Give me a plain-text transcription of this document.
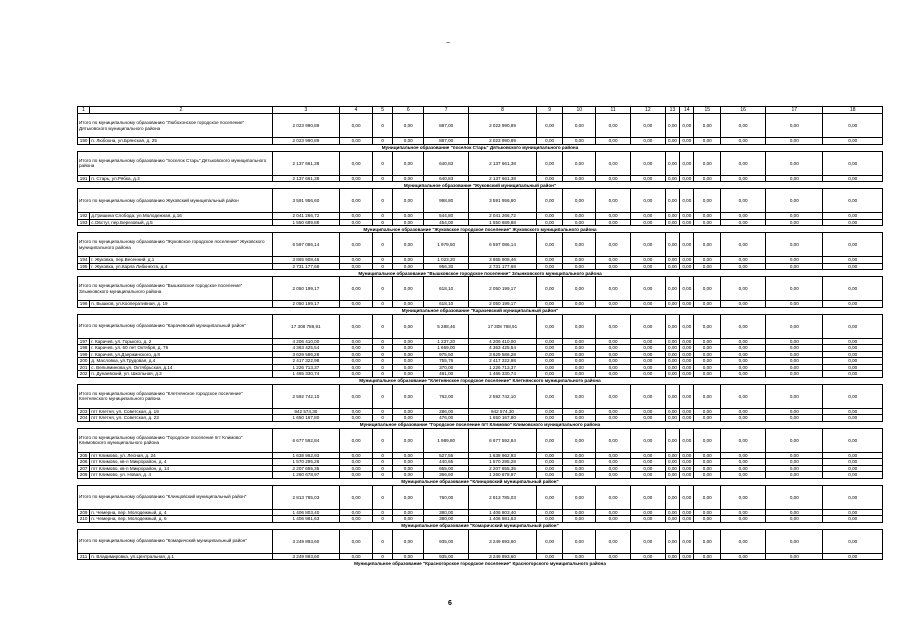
~
1	2	3	4	5	6	7	8	9	10	11	12	13	14	15	16	17	18
Итого по муниципальному образованию "Любохонское городское поселение" Дятьковского муниципального района		2 023 990,89	0,00	0	0,00	887,00	2 023 990,89	0,00	0,00	0,00	0,00	0,00	0,00	0,00	0,00	0,00	0,00
190	п. Любохна, ул.Брянская, д. 25	2 023 990,89	0,00	0	0,00	887,00	2 023 990,89	0,00	0,00	0,00	0,00	0,00	0,00	0,00	0,00	0,00	0,00
Муниципальное образование "поселок Старь" Дятьковского муниципального района																	
Итого по муниципальному образованию "поселок Старь" Дятьковского муниципального района		2 137 661,38	0,00	0	0,00	640,83	2 137 661,38	0,00	0,00	0,00	0,00	0,00	0,00	0,00	0,00	0,00	0,00
191	п. Старь, ул.Рябка, д.3	2 137 661,38	0,00	0	0,00	640,83	2 137 661,38	0,00	0,00	0,00	0,00	0,00	0,00	0,00	0,00	0,00	0,00
Муниципальное образование "Жуковский муниципальный район"																	
Итого по муниципальному образованию Жуковский муниципальный район		3 591 956,60	0,00	0	0,00	998,80	3 591 956,60	0,00	0,00	0,00	0,00	0,00	0,00	0,00	0,00	0,00	0,00
192	д.Гришина Слобода, ул.Молодежная, д.16	2 041 266,72	0,00	0	0,00	544,80	2 041 266,72	0,00	0,00	0,00	0,00	0,00	0,00	0,00	0,00	0,00	0,00
193	с.Овстуг, пер.Березовый, д.5	1 550 689,88	0,00	0	0,00	454,00	1 550 689,88	0,00	0,00	0,00	0,00	0,00	0,00	0,00	0,00	0,00	0,00
Муниципальное образование "Жуковское городское поселение" Жуковского муниципального района																	
Итого по муниципальному образованию "Жуковское городское поселение" Жуковского муниципального района		6 597 086,14	0,00	0	0,00	1 979,50	6 597 086,14	0,00	0,00	0,00	0,00	0,00	0,00	0,00	0,00	0,00	0,00
194	г. Жуковка, пер.Весенний, д.1	3 865 908,46	0,00	0	0,00	1 023,20	3 865 908,46	0,00	0,00	0,00	0,00	0,00	0,00	0,00	0,00	0,00	0,00
195	г. Жуковка, ул.Карла Либкнехта, д.4	2 731 177,68	0,00	0	0,00	956,30	2 731 177,68	0,00	0,00	0,00	0,00	0,00	0,00	0,00	0,00	0,00	0,00
Муниципальное образование "Вышковское городское поселение" Злынковского муниципального района																	
Итого по муниципальному образованию "Вышковское городское поселение" Злынковского муниципального района		2 050 199,17	0,00	0	0,00	618,10	2 050 199,17	0,00	0,00	0,00	0,00	0,00	0,00	0,00	0,00	0,00	0,00
196	п. Вышков, ул.Кооперативная, д. 19	2 050 199,17	0,00	0	0,00	618,10	2 050 199,17	0,00	0,00	0,00	0,00	0,00	0,00	0,00	0,00	0,00	0,00
Муниципальное образование "Карачевский муниципальный район"																	
Итого по муниципальному образованию "Карачевский муниципальный район"		17 308 788,91	0,00	0	0,00	5 288,46	17 308 788,91	0,00	0,00	0,00	0,00	0,00	0,00	0,00	0,00	0,00	0,00
197	г. Карачев, ул. Горького, д. 2	4 206 410,00	0,00	0	0,00	1 237,20	4 206 410,00	0,00	0,00	0,00	0,00	0,00	0,00	0,00	0,00	0,00	0,00
198	г. Карачев, ул. 50 лет Октября, д. 76	4 363 425,54	0,00	0	0,00	1 669,00	4 363 425,54	0,00	0,00	0,00	0,00	0,00	0,00	0,00	0,00	0,00	0,00
199	г. Карачев, ул.Дзержинского, д.8	3 629 586,28	0,00	0	0,00	975,50	3 629 586,28	0,00	0,00	0,00	0,00	0,00	0,00	0,00	0,00	0,00	0,00
200	д. Масловка, ул.Трудовая, д.4	2 417 322,98	0,00	0	0,00	755,76	2 417 322,98	0,00	0,00	0,00	0,00	0,00	0,00	0,00	0,00	0,00	0,00
201	с. Вельяминова,ул. Октябрьская, д.14	1 226 713,37	0,00	0	0,00	370,00	1 226 713,37	0,00	0,00	0,00	0,00	0,00	0,00	0,00	0,00	0,00	0,00
202	п. Дунаевский, ул. Школьная, д.3	1 465 330,74	0,00	0	0,00	481,00	1 465 330,74	0,00	0,00	0,00	0,00	0,00	0,00	0,00	0,00	0,00	0,00
Муниципальное образование "Клетнянское городское поселение" Клетнянского муниципального района																	
Итого по муниципальному образованию "Клетнянское городское поселение" Клетнянского муниципального района		2 592 742,10	0,00	0	0,00	762,00	2 592 742,10	0,00	0,00	0,00	0,00	0,00	0,00	0,00	0,00	0,00	0,00
203	пгт Клетня, ул. Советская, д. 19	942 574,30	0,00	0	0,00	286,00	942 574,30	0,00	0,00	0,00	0,00	0,00	0,00	0,00	0,00	0,00	0,00
204	пгт Клетня, ул. Советская, д. 23	1 650 167,80	0,00	0	0,00	476,00	1 650 167,80	0,00	0,00	0,00	0,00	0,00	0,00	0,00	0,00	0,00	0,00
Муниципальное образование "Городское поселение пгт Климово" Климовского муниципального района																	
Итого по муниципальному образованию "Городское поселение пгт Климово" Климовского муниципального района		6 677 592,84	0,00	0	0,00	1 989,80	6 677 592,84	0,00	0,00	0,00	0,00	0,00	0,00	0,00	0,00	0,00	0,00
205	пгт Климово, ул. Лесная, д. 24	1 638 962,93	0,00	0	0,00	527,55	1 638 962,93	0,00	0,00	0,00	0,00	0,00	0,00	0,00	0,00	0,00	0,00
206	пгт Климово, кв-л Микрорайон, д. 4	1 570 295,28	0,00	0	0,00	440,65	1 570 295,28	0,00	0,00	0,00	0,00	0,00	0,00	0,00	0,00	0,00	0,00
207	пгт Климово, кв-л Микрорайон, д. 14	2 207 655,35	0,00	0	0,00	655,00	2 207 655,35	0,00	0,00	0,00	0,00	0,00	0,00	0,00	0,00	0,00	0,00
208	пгт Климово, ул. Новая, д. 4	1 260 678,97	0,00	0	0,00	366,60	1 260 678,97	0,00	0,00	0,00	0,00	0,00	0,00	0,00	0,00	0,00	0,00
Муниципальное образование "Клинцовский муниципальный район"																	
Итого по муниципальному образованию "Клинцовский муниципальный район"		2 813 785,03	0,00	0	0,00	760,00	2 813 785,03	0,00	0,00	0,00	0,00	0,00	0,00	0,00	0,00	0,00	0,00
209	п. Чемерна, пер. Молодежный, д. 4	1 406 803,40	0,00	0	0,00	380,00	1 406 803,40	0,00	0,00	0,00	0,00	0,00	0,00	0,00	0,00	0,00	0,00
210	п. Чемерна, пер. Молодежный, д. 6	1 406 981,63	0,00	0	0,00	380,00	1 406 981,63	0,00	0,00	0,00	0,00	0,00	0,00	0,00	0,00	0,00	0,00
Муниципальное образование "Комаричский муниципальный район"																	
Итого по муниципальному образованию "Комаричский муниципальный район"		3 249 893,60	0,00	0	0,00	935,00	3 249 893,60	0,00	0,00	0,00	0,00	0,00	0,00	0,00	0,00	0,00	0,00
211	п. Владимировка, ул.Центральная, д.1	3 249 893,60	0,00	0	0,00	935,00	3 249 893,60	0,00	0,00	0,00	0,00	0,00	0,00	0,00	0,00	0,00	0,00
Муниципальное образование "Красногорское городское поселение" Красногорского муниципального района																	
6
